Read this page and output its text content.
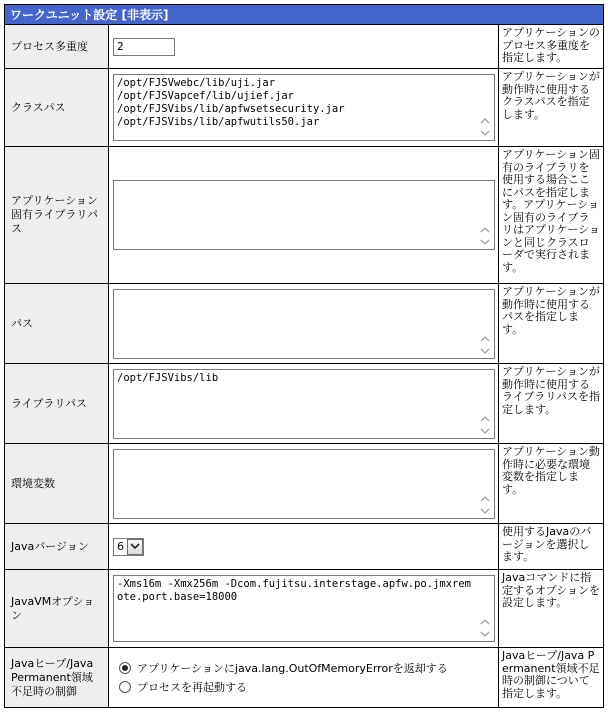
ワークユニット設定 [非表示]		
プロセス多重度	2	アプリケーションのプロセス多重度を指定します。
クラスパス	/opt/FJSVwebc/lib/uji.jar
/opt/FJSVapcef/lib/ujief.jar
/opt/FJSVibs/lib/apfwsetsecurity.jar
/opt/FJSVibs/lib/apfwutils50.jar	アプリケーションが動作時に使用するクラスパスを指定します。
アプリケーション固有ライブラリパス		アプリケーション固有のライブラリを使用する場合ここにパスを指定します。アプリケーション固有のライブラリはアプリケーションと同じクラスローダで実行されます。
パス		アプリケーションが動作時に使用するパスを指定します。
ライブラリパス	/opt/FJSVibs/lib	アプリケーションが動作時に使用するライブラリパスを指定します。
環境変数		アプリケーション動作時に必要な環境変数を指定します。
Javaバージョン	6	使用するJavaのバージョンを選択します。
JavaVMオプション	-Xms16m -Xmx256m -Dcom.fujitsu.interstage.apfw.po.jmxremote.port.base=18000	Javaコマンドに指定するオプションを設定します。
Javaヒープ/Java Permanent領域不足時の制御	アプリケーションにjava.lang.OutOfMemoryErrorを返却する
プロセスを再起動する	Javaヒープ/Java Permanent領域不足時の制御について指定します。
